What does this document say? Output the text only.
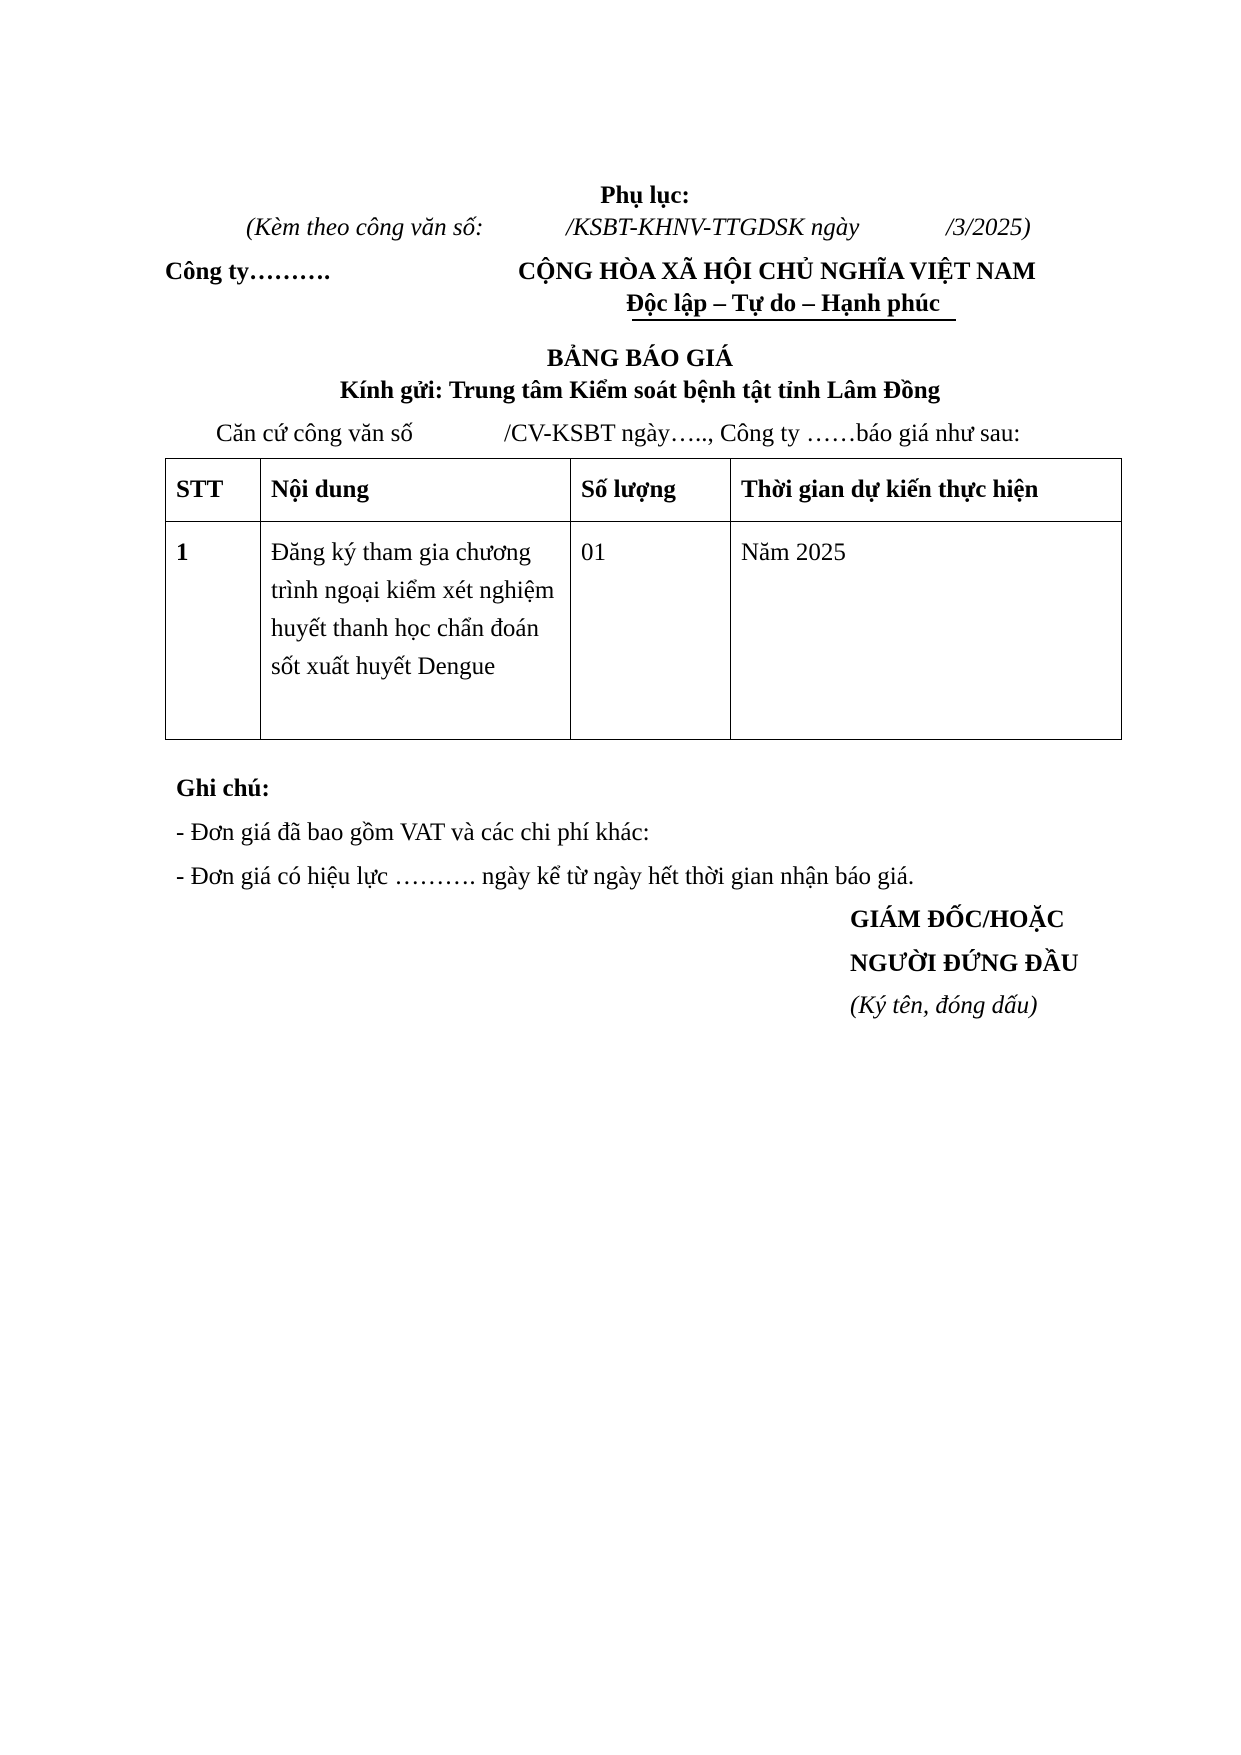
Phụ lục:
(Kèm theo công văn số:	/KSBT-KHNV-TTGDSK ngày	/3/2025)
Công ty……….	CỘNG HÒA XÃ HỘI CHỦ NGHĨA VIỆT NAM
Độc lập – Tự do – Hạnh phúc
BẢNG BÁO GIÁ
Kính gửi: Trung tâm Kiểm soát bệnh tật tỉnh Lâm Đồng
Căn cứ công văn số	/CV-KSBT ngày….., Công ty ……báo giá như sau:
STT	Nội dung	Số lượng	Thời gian dự kiến thực hiện
1	Đăng ký tham gia chương trình ngoại kiểm xét nghiệm huyết thanh học chẩn đoán sốt xuất huyết Dengue	01	Năm 2025
Ghi chú:
- Đơn giá đã bao gồm VAT và các chi phí khác:
- Đơn giá có hiệu lực ………. ngày kể từ ngày hết thời gian nhận báo giá.
GIÁM ĐỐC/HOẶC
NGƯỜI ĐỨNG ĐẦU
(Ký tên, đóng dấu)
